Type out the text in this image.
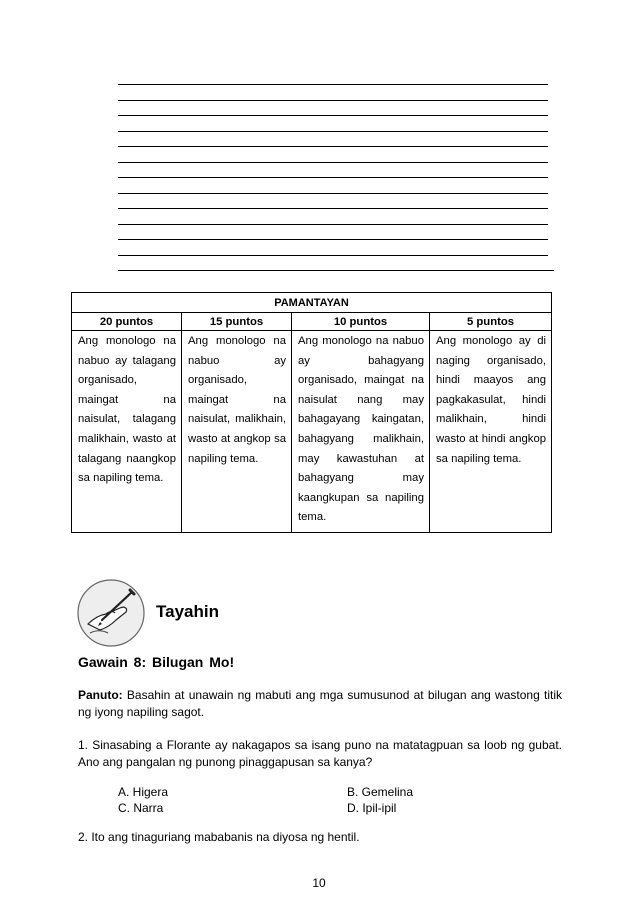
PAMANTAYAN			
20 puntos	15 puntos	10 puntos	5 puntos
Ang monologo na nabuo ay talagang organisado, maingat na naisulat, talagang malikhain, wasto at talagang naangkop sa napiling tema.	Ang monologo na nabuo ay organisado, maingat na naisulat, malikhain, wasto at angkop sa napiling tema.	Ang monologo na nabuo ay bahagyang organisado, maingat na naisulat nang may bahagayang kaingatan, bahagyang malikhain, may kawastuhan at bahagyang may kaangkupan sa napiling tema.	Ang monologo ay di naging organisado, hindi maayos ang pagkakasulat, hindi malikhain, hindi wasto at hindi angkop sa napiling tema.
Tayahin
Gawain 8: Bilugan Mo!
Panuto: Basahin at unawain ng mabuti ang mga sumusunod at bilugan ang wastong titik ng iyong napiling sagot.
1. Sinasabing a Florante ay nakagapos sa isang puno na matatagpuan sa loob ng gubat. Ano ang pangalan ng punong pinaggapusan sa kanya?
A. Higera
C. Narra
B. Gemelina
D. Ipil-ipil
2. Ito ang tinaguriang mababanis na diyosa ng hentil.
10
